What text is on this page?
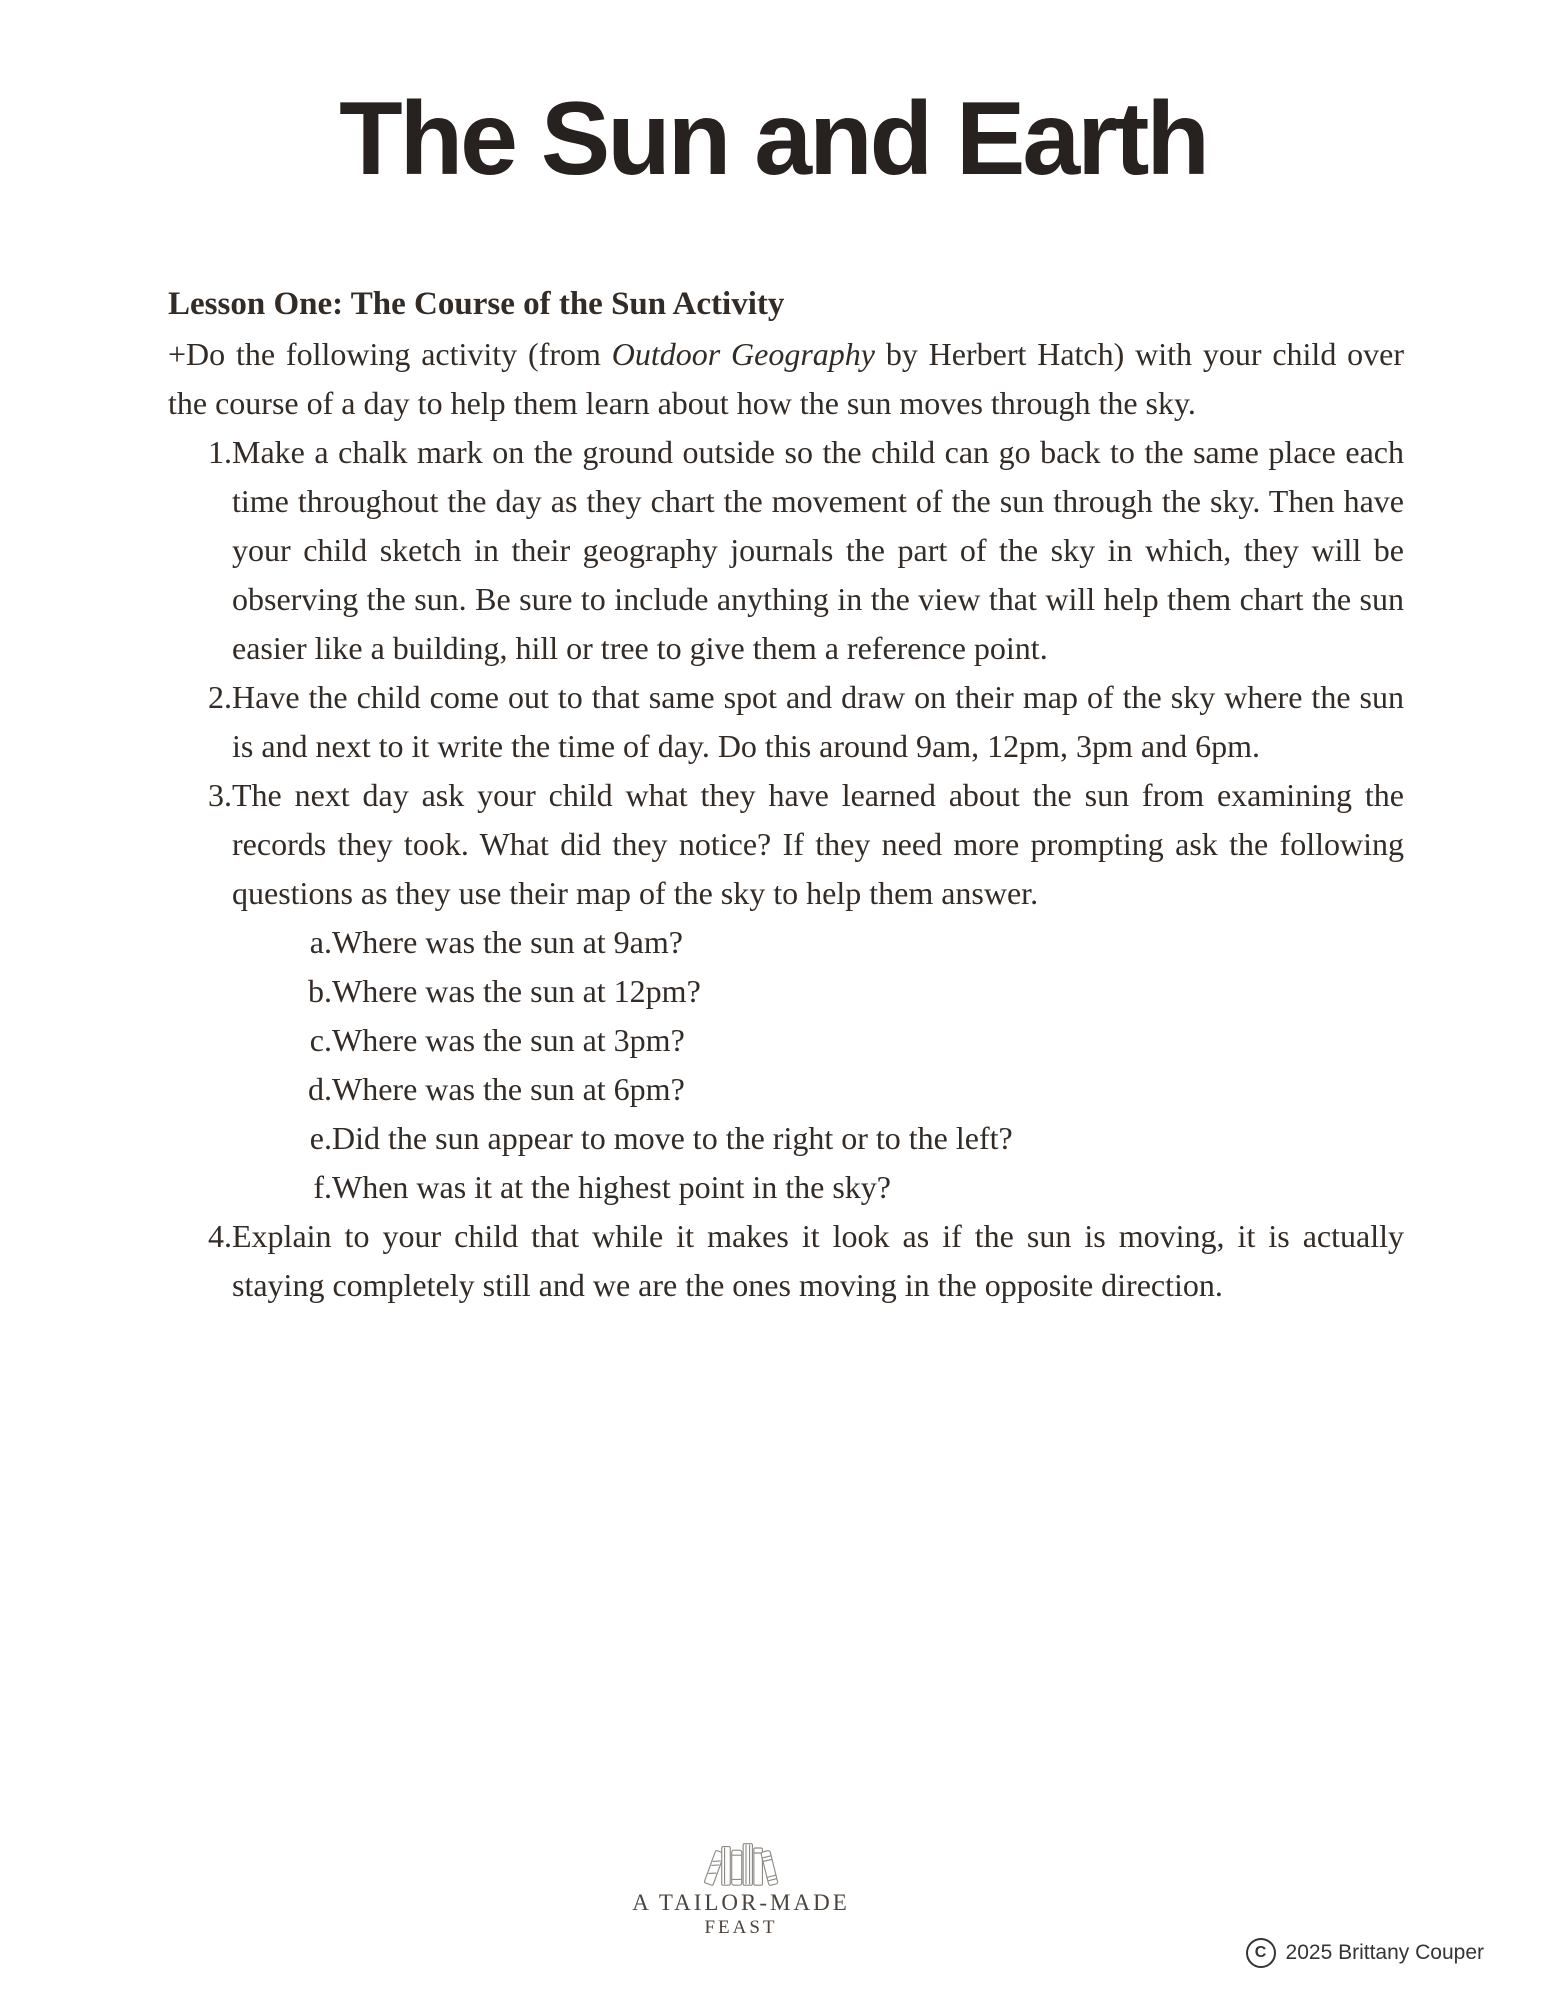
The Sun and Earth
Lesson One: The Course of the Sun Activity

+Do the following activity (from Outdoor Geography by Herbert Hatch) with your child over the course of a day to help them learn about how the sun moves through the sky.

1. Make a chalk mark on the ground outside so the child can go back to the same place each time throughout the day as they chart the movement of the sun through the sky. Then have your child sketch in their geography journals the part of the sky in which, they will be observing the sun. Be sure to include anything in the view that will help them chart the sun easier like a building, hill or tree to give them a reference point.
2. Have the child come out to that same spot and draw on their map of the sky where the sun is and next to it write the time of day. Do this around 9am, 12pm, 3pm and 6pm.
3. The next day ask your child what they have learned about the sun from examining the records they took. What did they notice? If they need more prompting ask the following questions as they use their map of the sky to help them answer.
a. Where was the sun at 9am?
b. Where was the sun at 12pm?
c. Where was the sun at 3pm?
d. Where was the sun at 6pm?
e. Did the sun appear to move to the right or to the left?
f. When was it at the highest point in the sky?
4. Explain to your child that while it makes it look as if the sun is moving, it is actually staying completely still and we are the ones moving in the opposite direction.
A TAILOR-MADE
FEAST
C 2025 Brittany Couper
